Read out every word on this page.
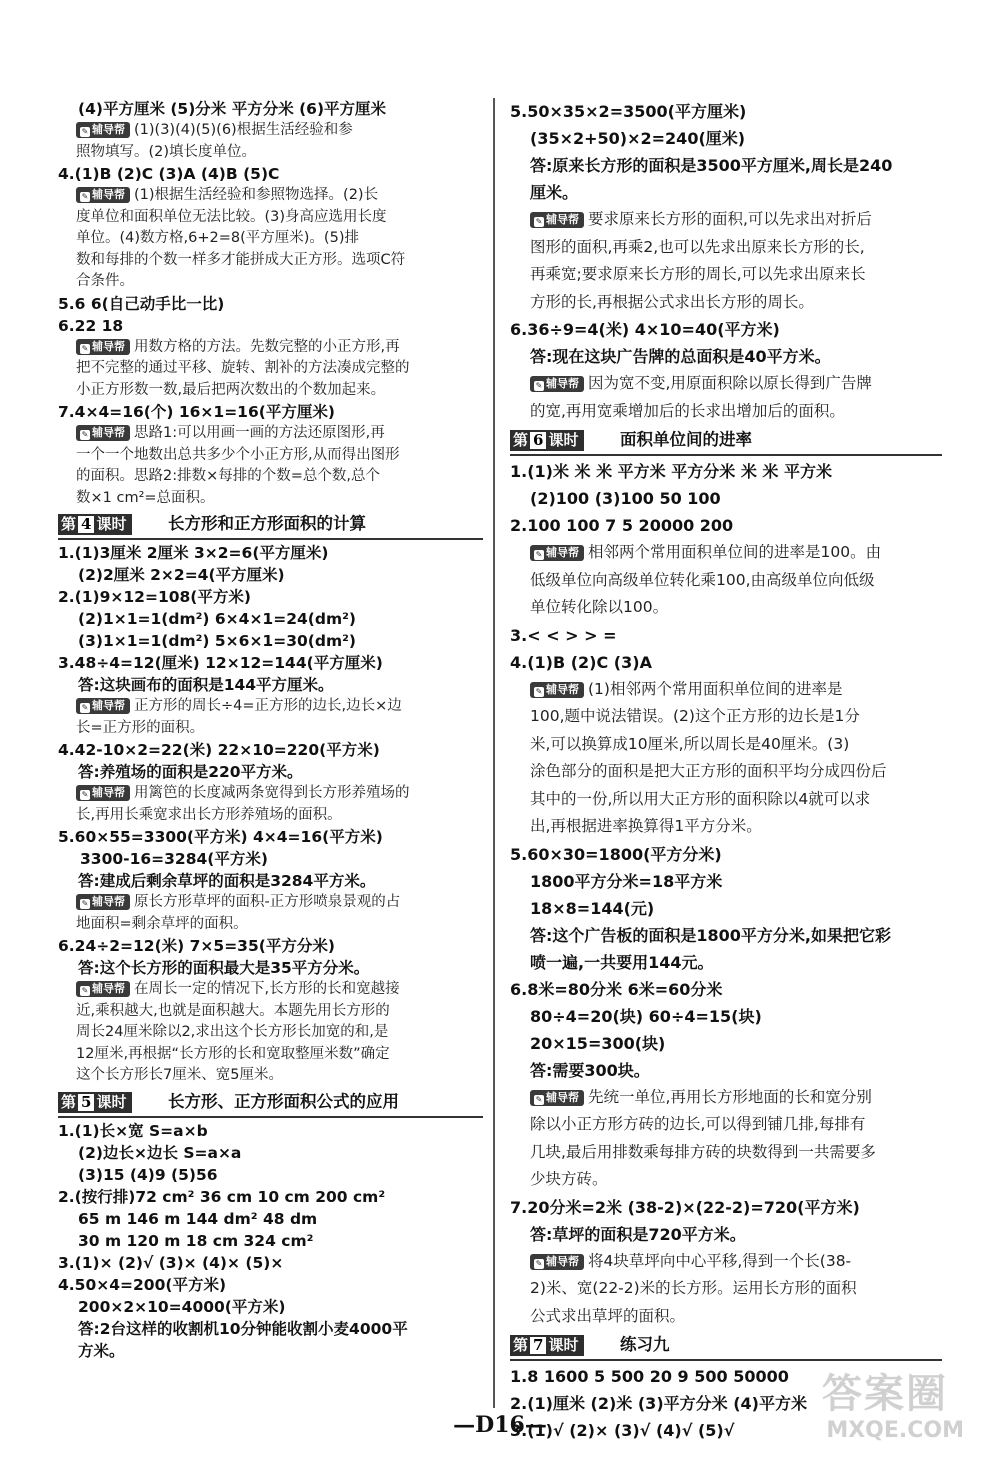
(4)平方厘米 (5)分米 平方分米 (6)平方厘米
✎ 辅导帮 (1)(3)(4)(5)(6)根据生活经验和参
照物填写。(2)填长度单位。
4.(1)B (2)C (3)A (4)B (5)C
✎ 辅导帮 (1)根据生活经验和参照物选择。(2)长
度单位和面积单位无法比较。(3)身高应选用长度
单位。(4)数方格,6+2=8(平方厘米)。(5)排
数和每排的个数一样多才能拼成大正方形。选项C符
合条件。
5.6 6(自己动手比一比)
6.22 18
✎ 辅导帮 用数方格的方法。先数完整的小正方形,再
把不完整的通过平移、旋转、割补的方法凑成完整的
小正方形数一数,最后把两次数出的个数加起来。
7.4×4=16(个) 16×1=16(平方厘米)
✎ 辅导帮 思路1:可以用画一画的方法还原图形,再
一个一个地数出总共多少个小正方形,从而得出图形
的面积。思路2:排数×每排的个数=总个数,总个
数×1 cm²=总面积。
第 4 课时	长方形和正方形面积的计算
1.(1)3厘米 2厘米 3×2=6(平方厘米)
(2)2厘米 2×2=4(平方厘米)
2.(1)9×12=108(平方米)
(2)1×1=1(dm²) 6×4×1=24(dm²)
(3)1×1=1(dm²) 5×6×1=30(dm²)
3.48÷4=12(厘米) 12×12=144(平方厘米)
答:这块画布的面积是144平方厘米。
✎ 辅导帮 正方形的周长÷4=正方形的边长,边长×边
长=正方形的面积。
4.42-10×2=22(米) 22×10=220(平方米)
答:养殖场的面积是220平方米。
✎ 辅导帮 用篱笆的长度减两条宽得到长方形养殖场的
长,再用长乘宽求出长方形养殖场的面积。
5.60×55=3300(平方米) 4×4=16(平方米)
3300-16=3284(平方米)
答:建成后剩余草坪的面积是3284平方米。
✎ 辅导帮 原长方形草坪的面积-正方形喷泉景观的占
地面积=剩余草坪的面积。
6.24÷2=12(米) 7×5=35(平方分米)
答:这个长方形的面积最大是35平方分米。
✎ 辅导帮 在周长一定的情况下,长方形的长和宽越接
近,乘积越大,也就是面积越大。本题先用长方形的
周长24厘米除以2,求出这个长方形长加宽的和,是
12厘米,再根据“长方形的长和宽取整厘米数”确定
这个长方形长7厘米、宽5厘米。
第 5 课时	长方形、正方形面积公式的应用
1.(1)长×宽 S=a×b
(2)边长×边长 S=a×a
(3)15 (4)9 (5)56
2.(按行排)72 cm² 36 cm 10 cm 200 cm²
65 m 146 m 144 dm² 48 dm
30 m 120 m 18 cm 324 cm²
3.(1)× (2)√ (3)× (4)× (5)×
4.50×4=200(平方米)
200×2×10=4000(平方米)
答:2台这样的收割机10分钟能收割小麦4000平
方米。
5.50×35×2=3500(平方厘米)
(35×2+50)×2=240(厘米)
答:原来长方形的面积是3500平方厘米,周长是240
厘米。
✎ 辅导帮 要求原来长方形的面积,可以先求出对折后
图形的面积,再乘2,也可以先求出原来长方形的长,
再乘宽;要求原来长方形的周长,可以先求出原来长
方形的长,再根据公式求出长方形的周长。
6.36÷9=4(米) 4×10=40(平方米)
答:现在这块广告牌的总面积是40平方米。
✎ 辅导帮 因为宽不变,用原面积除以原长得到广告牌
的宽,再用宽乘增加后的长求出增加后的面积。
第 6 课时	面积单位间的进率
1.(1)米 米 米 平方米 平方分米 米 米 平方米
(2)100 (3)100 50 100
2.100 100 7 5 20000 200
✎ 辅导帮 相邻两个常用面积单位间的进率是100。由
低级单位向高级单位转化乘100,由高级单位向低级
单位转化除以100。
3.< < > > =
4.(1)B (2)C (3)A
✎ 辅导帮 (1)相邻两个常用面积单位间的进率是
100,题中说法错误。(2)这个正方形的边长是1分
米,可以换算成10厘米,所以周长是40厘米。(3)
涂色部分的面积是把大正方形的面积平均分成四份后
其中的一份,所以用大正方形的面积除以4就可以求
出,再根据进率换算得1平方分米。
5.60×30=1800(平方分米)
1800平方分米=18平方米
18×8=144(元)
答:这个广告板的面积是1800平方分米,如果把它彩
喷一遍,一共要用144元。
6.8米=80分米 6米=60分米
80÷4=20(块) 60÷4=15(块)
20×15=300(块)
答:需要300块。
✎ 辅导帮 先统一单位,再用长方形地面的长和宽分别
除以小正方形方砖的边长,可以得到铺几排,每排有
几块,最后用排数乘每排方砖的块数得到一共需要多
少块方砖。
7.20分米=2米 (38-2)×(22-2)=720(平方米)
答:草坪的面积是720平方米。
✎ 辅导帮 将4块草坪向中心平移,得到一个长(38-
2)米、宽(22-2)米的长方形。运用长方形的面积
公式求出草坪的面积。
第 7 课时	练习九
1.8 1600 5 500 20 9 500 50000
2.(1)厘米 (2)米 (3)平方分米 (4)平方米
3.(1)√ (2)× (3)√ (4)√ (5)√
—D16—
答案圈
MXQE.COM
